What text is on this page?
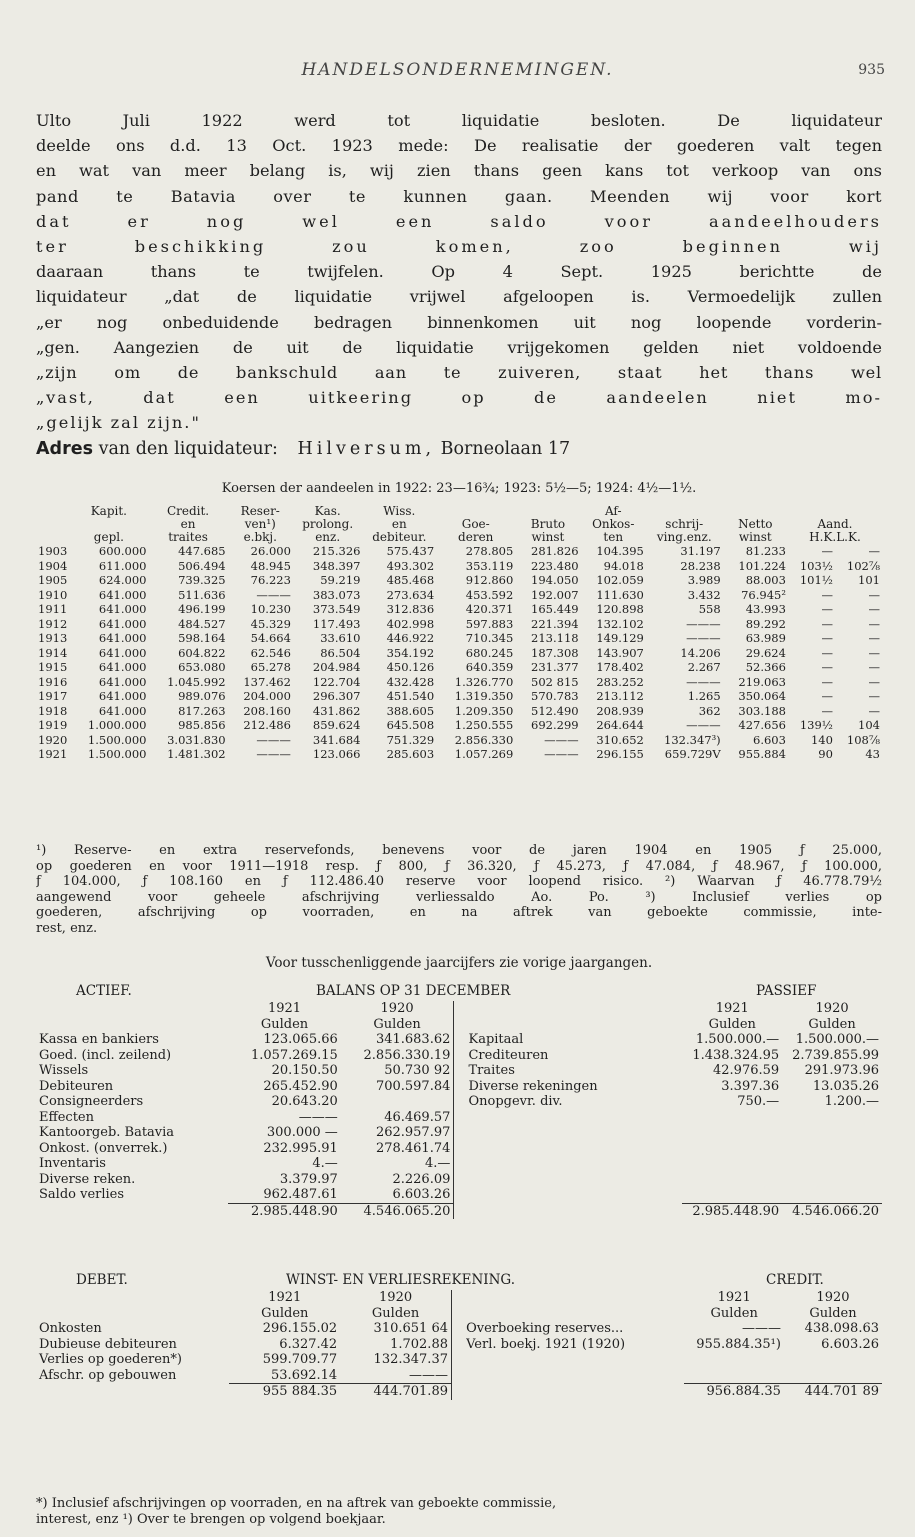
HANDELSONDERNEMINGEN.	935
Ulto Juli 1922 werd tot liquidatie besloten. De liquidateur
deelde ons d.d. 13 Oct. 1923 mede: De realisatie der goederen valt tegen
en wat van meer belang is, wij zien thans geen kans tot verkoop van ons
pand te Batavia over te kunnen gaan. Meenden wij voor kort
dat er nog wel een saldo voor aandeelhouders
ter beschikking zou komen, zoo beginnen wij
daaraan thans te twijfelen. Op 4 Sept. 1925 berichtte de
liquidateur „dat de liquidatie vrijwel afgeloopen is. Vermoedelijk zullen
„er nog onbeduidende bedragen binnenkomen uit nog loopende vorderin-
„gen. Aangezien de uit de liquidatie vrijgekomen gelden niet voldoende
„zijn om de bankschuld aan te zuiveren, staat het thans wel
„vast, dat een uitkeering op de aandeelen niet mo-
„gelijk zal zijn."
Adres van den liquidateur: Hilversum, Borneolaan 17
Koersen der aandeelen in 1922: 23—16¾; 1923: 5½—5; 1924: 4½—1½.
	Kapit.	Credit.	Reser-	Kas.	Wiss.			Af-				
		en	ven¹)	prolong.	en	Goe-	Bruto	Onkos-	schrij-	Netto	Aand.	
	gepl.	traites	e.bkj.	enz.	debiteur.	deren	winst	ten	ving.enz.	winst	H.K.L.K.	
1903	600.000	447.685	26.000	215.326	575.437	278.805	281.826	104.395	31.197	81.233	—	—
1904	611.000	506.494	48.945	348.397	493.302	353.119	223.480	94.018	28.238	101.224	103½	102⅞
1905	624.000	739.325	76.223	59.219	485.468	912.860	194.050	102.059	3.989	88.003	101½	101
1910	641.000	511.636	———	383.073	273.634	453.592	192.007	111.630	3.432	76.945²	—	—
1911	641.000	496.199	10.230	373.549	312.836	420.371	165.449	120.898	558	43.993	—	—
1912	641.000	484.527	45.329	117.493	402.998	597.883	221.394	132.102	———	89.292	—	—
1913	641.000	598.164	54.664	33.610	446.922	710.345	213.118	149.129	———	63.989	—	—
1914	641.000	604.822	62.546	86.504	354.192	680.245	187.308	143.907	14.206	29.624	—	—
1915	641.000	653.080	65.278	204.984	450.126	640.359	231.377	178.402	2.267	52.366	—	—
1916	641.000	1.045.992	137.462	122.704	432.428	1.326.770	502 815	283.252	———	219.063	—	—
1917	641.000	989.076	204.000	296.307	451.540	1.319.350	570.783	213.112	1.265	350.064	—	—
1918	641.000	817.263	208.160	431.862	388.605	1.209.350	512.490	208.939	362	303.188	—	—
1919	1.000.000	985.856	212.486	859.624	645.508	1.250.555	692.299	264.644	———	427.656	139½	104
1920	1.500.000	3.031.830	———	341.684	751.329	2.856.330	———	310.652	132.347³)	6.603	140	108⅞
1921	1.500.000	1.481.302	———	123.066	285.603	1.057.269	———	296.155	659.729V	955.884	90	43
¹) Reserve- en extra reservefonds, benevens voor de jaren 1904 en 1905 ƒ 25.000,
op goederen en voor 1911—1918 resp. ƒ 800, ƒ 36.320, ƒ 45.273, ƒ 47.084, ƒ 48.967, ƒ 100.000,
ƒ 104.000, ƒ 108.160 en ƒ 112.486.40 reserve voor loopend risico. ²) Waarvan ƒ 46.778.79½
aangewend voor geheele afschrijving verliessaldo Ao. Po. ³) Inclusief verlies op
goederen, afschrijving op voorraden, en na aftrek van geboekte commissie, inte-
rest, enz.
Voor tusschenliggende jaarcijfers zie vorige jaargangen.
ACTIEF.	BALANS OP 31 DECEMBER	PASSIEF
	1921	1920			1921	1920
	Gulden	Gulden			Gulden	Gulden
Kassa en bankiers	123.065.66	341.683.62		Kapitaal	1.500.000.—	1.500.000.—
Goed. (incl. zeilend)	1.057.269.15	2.856.330.19		Crediteuren	1.438.324.95	2.739.855.99
Wissels	20.150.50	50.730 92		Traites	42.976.59	291.973.96
Debiteuren	265.452.90	700.597.84		Diverse rekeningen	3.397.36	13.035.26
Consigneerders	20.643.20			Onopgevr. div.	750.—	1.200.—
Effecten	———	46.469.57				
Kantoorgeb. Batavia	300.000 —	262.957.97				
Onkost. (onverrek.)	232.995.91	278.461.74				
Inventaris	4.—	4.—				
Diverse reken.	3.379.97	2.226.09				
Saldo verlies	962.487.61	6.603.26				
	2.985.448.90	4.546.065.20			2.985.448.90	4.546.066.20
DEBET.	WINST- EN VERLIESREKENING.	CREDIT.
	1921	1920			1921	1920
	Gulden	Gulden			Gulden	Gulden
Onkosten	296.155.02	310.651 64		Overboeking reserves...	———	438.098.63
Dubieuse debiteuren	6.327.42	1.702.88		Verl. boekj. 1921 (1920)	955.884.35¹)	6.603.26
Verlies op goederen*)	599.709.77	132.347.37				
Afschr. op gebouwen	53.692.14	———				
	955 884.35	444.701.89			956.884.35	444.701 89
*) Inclusief afschrijvingen op voorraden, en na aftrek van geboekte commissie,
interest, enz ¹) Over te brengen op volgend boekjaar.
